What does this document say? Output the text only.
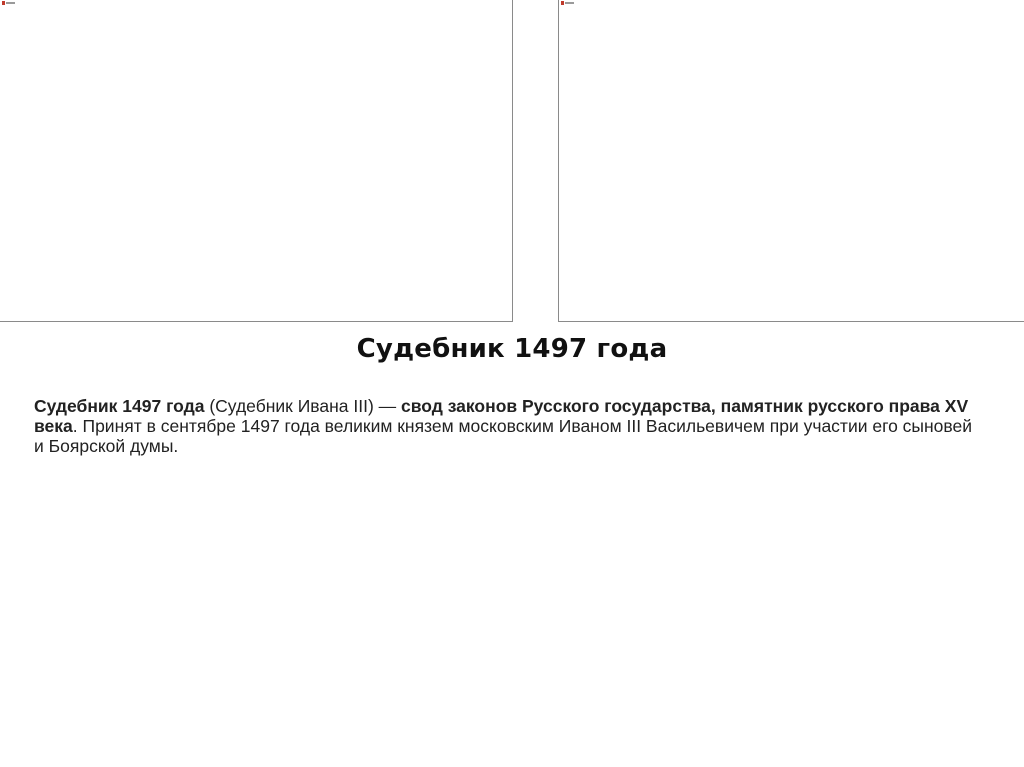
Судебник 1497 года
Судебник 1497 года (Судебник Ивана III) — свод законов Русского государства, памятник русского права XV века. Принят в сентябре 1497 года великим князем московским Иваном III Васильевичем при участии его сыновей и Боярской думы.
